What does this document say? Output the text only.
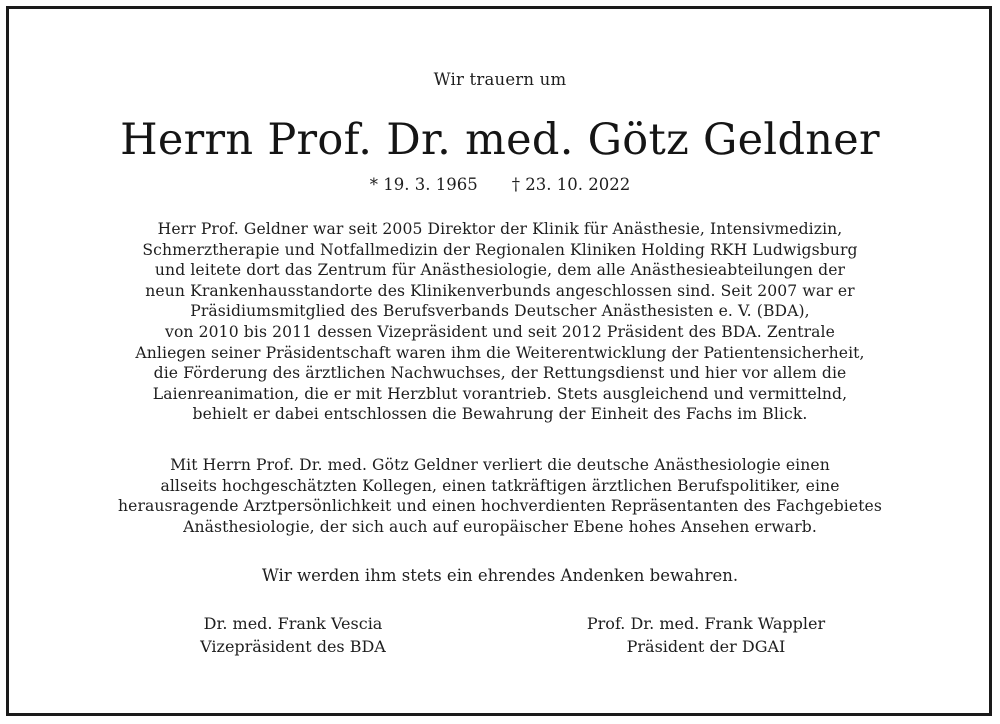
Wir trauern um
Herrn Prof. Dr. med. Götz Geldner
* 19. 3. 1965 † 23. 10. 2022
Herr Prof. Geldner war seit 2005 Direktor der Klinik für Anästhesie, Intensivmedizin,
Schmerztherapie und Notfallmedizin der Regionalen Kliniken Holding RKH Ludwigsburg
und leitete dort das Zentrum für Anästhesiologie, dem alle Anästhesieabteilungen der
neun Krankenhausstandorte des Klinikenverbunds angeschlossen sind. Seit 2007 war er
Präsidiumsmitglied des Berufsverbands Deutscher Anästhesisten e. V. (BDA),
von 2010 bis 2011 dessen Vizepräsident und seit 2012 Präsident des BDA. Zentrale
Anliegen seiner Präsidentschaft waren ihm die Weiterentwicklung der Patientensicherheit,
die Förderung des ärztlichen Nachwuchses, der Rettungsdienst und hier vor allem die
Laienreanimation, die er mit Herzblut vorantrieb. Stets ausgleichend und vermittelnd,
behielt er dabei entschlossen die Bewahrung der Einheit des Fachs im Blick.
Mit Herrn Prof. Dr. med. Götz Geldner verliert die deutsche Anästhesiologie einen
allseits hochgeschätzten Kollegen, einen tatkräftigen ärztlichen Berufspolitiker, eine
herausragende Arztpersönlichkeit und einen hochverdienten Repräsentanten des Fachgebietes
Anästhesiologie, der sich auch auf europäischer Ebene hohes Ansehen erwarb.
Wir werden ihm stets ein ehrendes Andenken bewahren.
Dr. med. Frank Vescia
Vizepräsident des BDA
Prof. Dr. med. Frank Wappler
Präsident der DGAI
